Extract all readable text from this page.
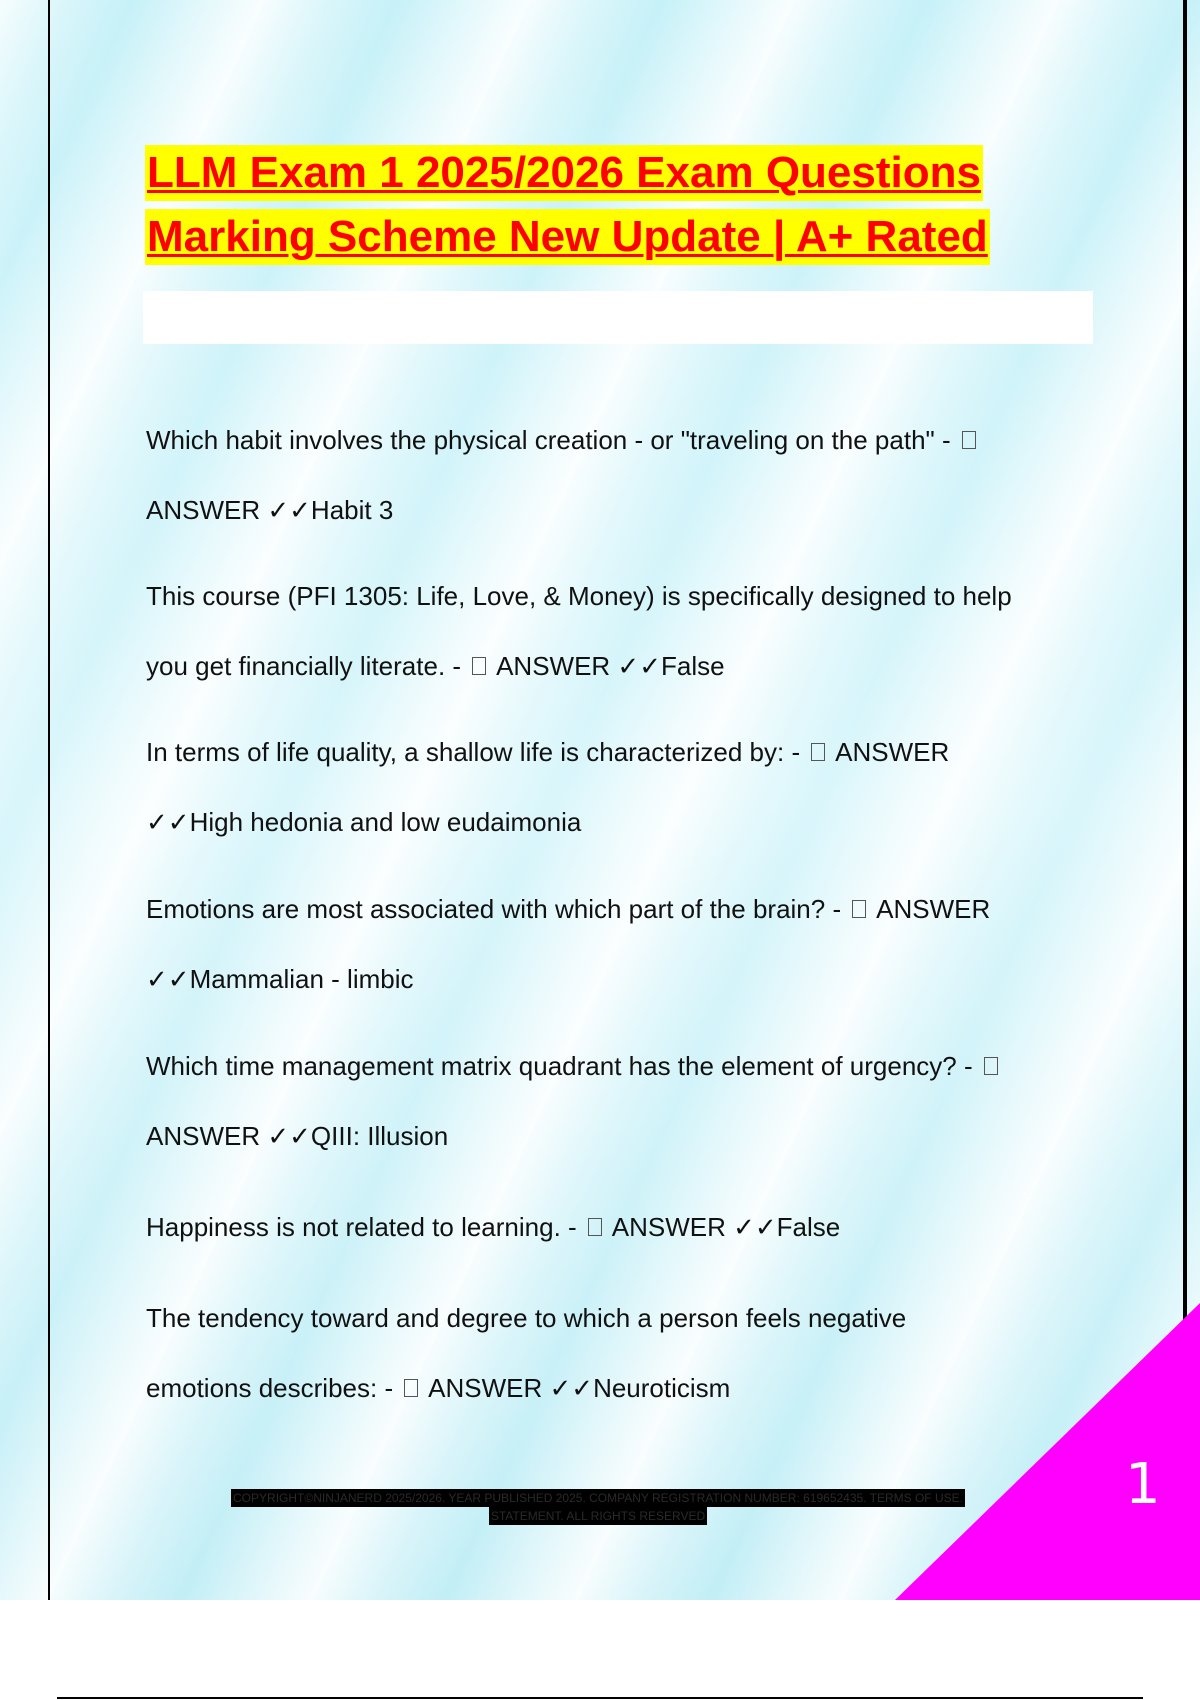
LLM Exam 1 2025/2026 Exam Questions
Marking Scheme New Update | A+ Rated
Which habit involves the physical creation - or "traveling on the path" -
ANSWER ✓✓Habit 3
This course (PFI 1305: Life, Love, & Money) is specifically designed to help
you get financially literate. - ANSWER ✓✓False
In terms of life quality, a shallow life is characterized by: - ANSWER
✓✓High hedonia and low eudaimonia
Emotions are most associated with which part of the brain? - ANSWER
✓✓Mammalian - limbic
Which time management matrix quadrant has the element of urgency? -
ANSWER ✓✓QIII: Illusion
Happiness is not related to learning. - ANSWER ✓✓False
The tendency toward and degree to which a person feels negative
emotions describes: - ANSWER ✓✓Neuroticism
COPYRIGHT©NINJANERD 2025/2026. YEAR PUBLISHED 2025. COMPANY REGISTRATION NUMBER: 619652435. TERMS OF USE.
STATEMENT. ALL RIGHTS RESERVED	1
